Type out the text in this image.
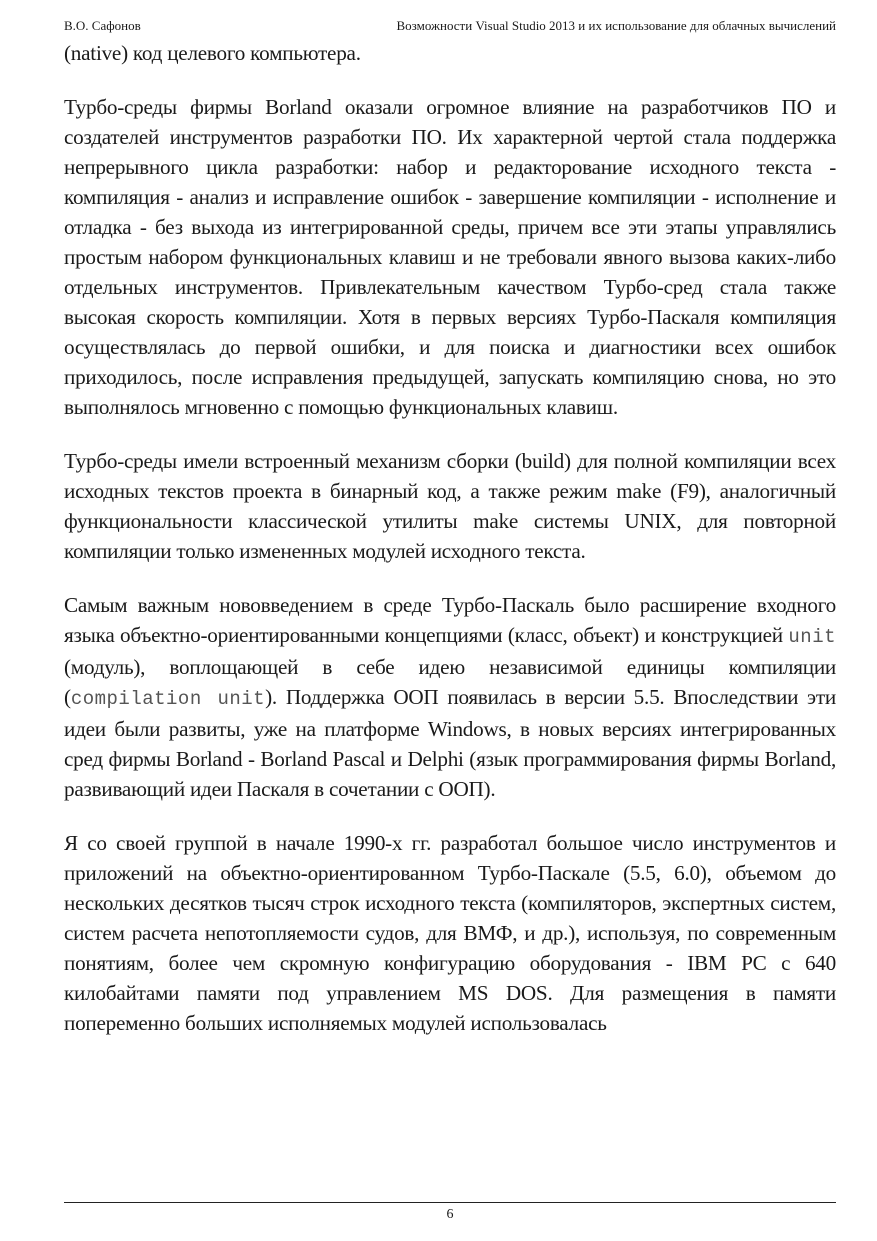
В.О. Сафонов	Возможности Visual Studio 2013 и их использование для облачных вычислений

(native) код целевого компьютера.

Турбо-среды фирмы Borland оказали огромное влияние на разработчиков ПО и создателей инструментов разработки ПО. Их характерной чертой стала поддержка непрерывного цикла разработки: набор и редакторование исходного текста - компиляция - анализ и исправление ошибок - завершение компиляции - исполнение и отладка - без выхода из интегрированной среды, причем все эти этапы управлялись простым набором функциональных клавиш и не требовали явного вызова каких-либо отдельных инструментов. Привлекательным качеством Турбо-сред стала также высокая скорость компиляции. Хотя в первых версиях Турбо-Паскаля компиляция осуществлялась до первой ошибки, и для поиска и диагностики всех ошибок приходилось, после исправления предыдущей, запускать компиляцию снова, но это выполнялось мгновенно с помощью функциональных клавиш.

Турбо-среды имели встроенный механизм сборки (build) для полной компиляции всех исходных текстов проекта в бинарный код, а также режим make (F9), аналогичный функциональности классической утилиты make системы UNIX, для повторной компиляции только измененных модулей исходного текста.

Самым важным нововведением в среде Турбо-Паскаль было расширение входного языка объектно-ориентированными концепциями (класс, объект) и конструкцией unit (модуль), воплощающей в себе идею независимой единицы компиляции (compilation unit). Поддержка ООП появилась в версии 5.5. Впоследствии эти идеи были развиты, уже на платформе Windows, в новых версиях интегрированных сред фирмы Borland - Borland Pascal и Delphi (язык программирования фирмы Borland, развивающий идеи Паскаля в сочетании с ООП).

Я со своей группой в начале 1990-х гг. разработал большое число инструментов и приложений на объектно-ориентированном Турбо-Паскале (5.5, 6.0), объемом до нескольких десятков тысяч строк исходного текста (компиляторов, экспертных систем, систем расчета непотопляемости судов, для ВМФ, и др.), используя, по современным понятиям, более чем скромную конфигурацию оборудования - IBM PC с 640 килобайтами памяти под управлением MS DOS. Для размещения в памяти попеременно больших исполняемых модулей использовалась

6
